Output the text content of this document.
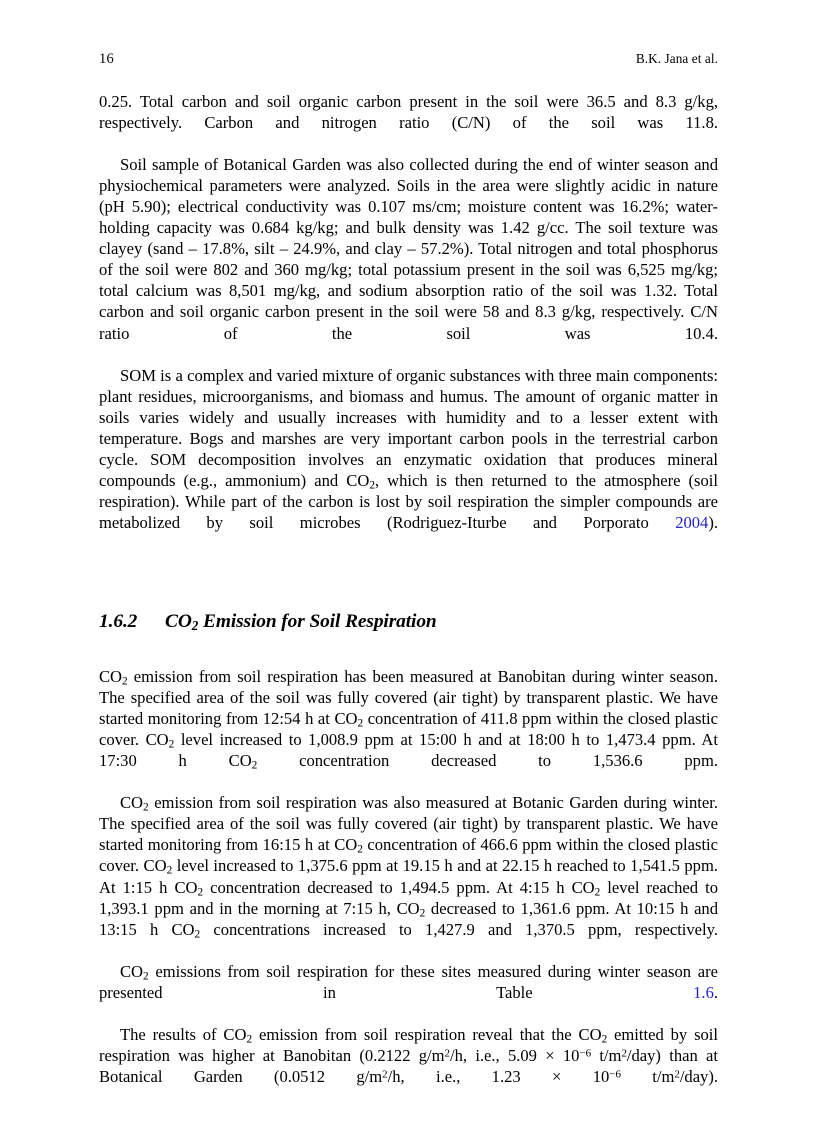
16	B.K. Jana et al.

0.25. Total carbon and soil organic carbon present in the soil were 36.5 and 8.3 g/kg, respectively. Carbon and nitrogen ratio (C/N) of the soil was 11.8.

Soil sample of Botanical Garden was also collected during the end of winter season and physiochemical parameters were analyzed. Soils in the area were slightly acidic in nature (pH 5.90); electrical conductivity was 0.107 ms/cm; moisture content was 16.2%; water-holding capacity was 0.684 kg/kg; and bulk density was 1.42 g/cc. The soil texture was clayey (sand – 17.8%, silt – 24.9%, and clay – 57.2%). Total nitrogen and total phosphorus of the soil were 802 and 360 mg/kg; total potassium present in the soil was 6,525 mg/kg; total calcium was 8,501 mg/kg, and sodium absorption ratio of the soil was 1.32. Total carbon and soil organic carbon present in the soil were 58 and 8.3 g/kg, respectively. C/N ratio of the soil was 10.4.

SOM is a complex and varied mixture of organic substances with three main components: plant residues, microorganisms, and biomass and humus. The amount of organic matter in soils varies widely and usually increases with humidity and to a lesser extent with temperature. Bogs and marshes are very important carbon pools in the terrestrial carbon cycle. SOM decomposition involves an enzymatic oxidation that produces mineral compounds (e.g., ammonium) and $CO_2$, which is then returned to the atmosphere (soil respiration). While part of the carbon is lost by soil respiration the simpler compounds are metabolized by soil microbes (Rodriguez-Iturbe and Porporato 2004).

1.6.2	$CO_2$ Emission for Soil Respiration

$CO_2$ emission from soil respiration has been measured at Banobitan during winter season. The specified area of the soil was fully covered (air tight) by transparent plastic. We have started monitoring from 12:54 h at $CO_2$ concentration of 411.8 ppm within the closed plastic cover. $CO_2$ level increased to 1,008.9 ppm at 15:00 h and at 18:00 h to 1,473.4 ppm. At 17:30 h $CO_2$ concentration decreased to 1,536.6 ppm.

$CO_2$ emission from soil respiration was also measured at Botanic Garden during winter. The specified area of the soil was fully covered (air tight) by transparent plastic. We have started monitoring from 16:15 h at $CO_2$ concentration of 466.6 ppm within the closed plastic cover. $CO_2$ level increased to 1,375.6 ppm at 19.15 h and at 22.15 h reached to 1,541.5 ppm. At 1:15 h $CO_2$ concentration decreased to 1,494.5 ppm. At 4:15 h $CO_2$ level reached to 1,393.1 ppm and in the morning at 7:15 h, $CO_2$ decreased to 1,361.6 ppm. At 10:15 h and 13:15 h $CO_2$ concentrations increased to 1,427.9 and 1,370.5 ppm, respectively.

$CO_2$ emissions from soil respiration for these sites measured during winter season are presented in Table 1.6.

The results of $CO_2$ emission from soil respiration reveal that the $CO_2$ emitted by soil respiration was higher at Banobitan (0.2122 $g/m^2/h$, i.e., $5.09 \times 10^{-6}$ $t/m^2/day$) than at Botanical Garden (0.0512 $g/m^2/h$, i.e., $1.23 \times 10^{-6}$ $t/m^2/day$).
